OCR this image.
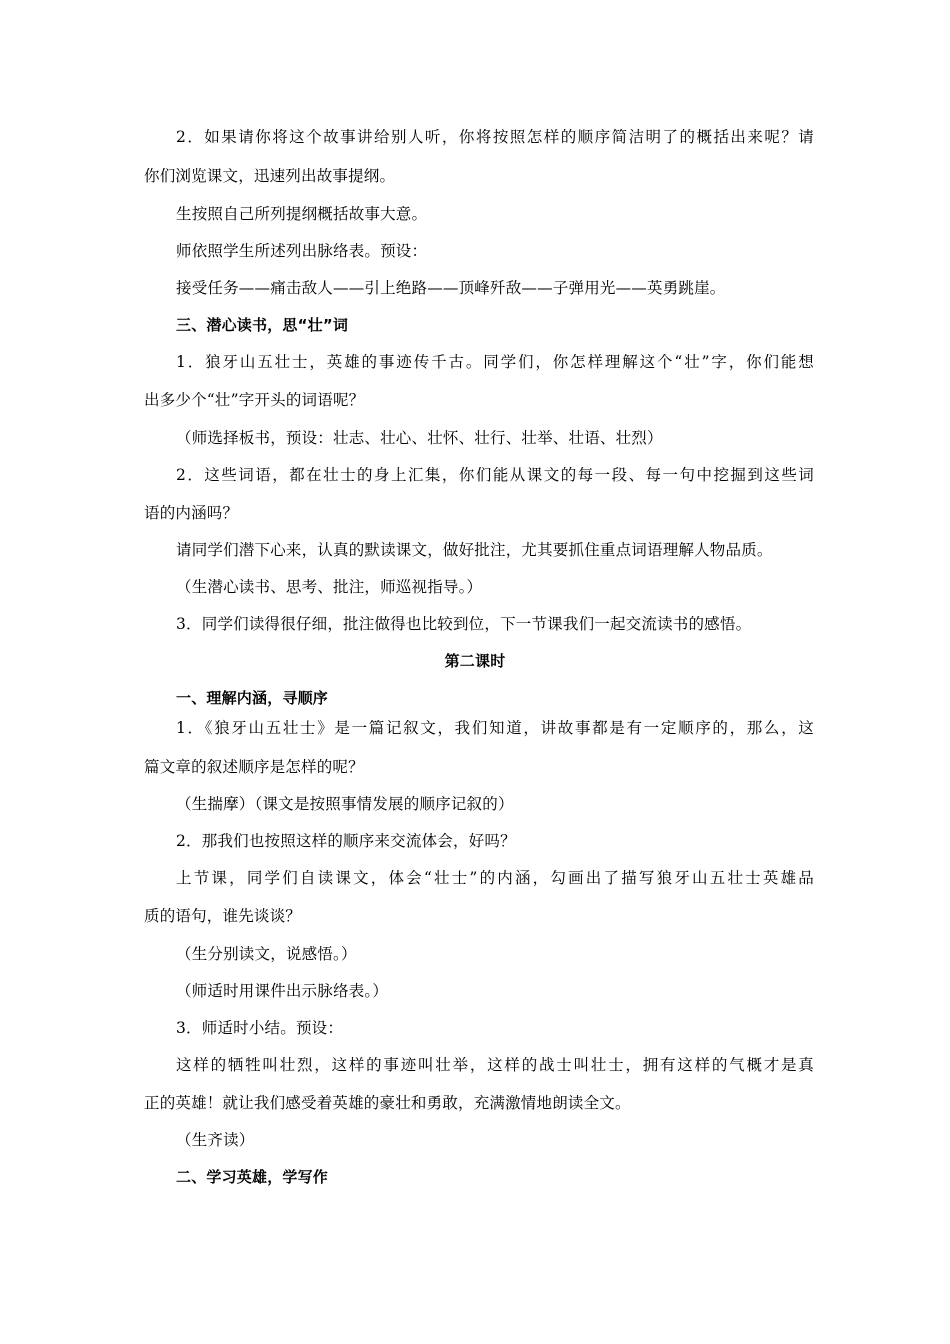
2．如果请你将这个故事讲给别人听，你将按照怎样的顺序简洁明了的概括出来呢？请
你们浏览课文，迅速列出故事提纲。
生按照自己所列提纲概括故事大意。
师依照学生所述列出脉络表。预设：
接受任务——痛击敌人——引上绝路——顶峰歼敌——子弹用光——英勇跳崖。
三、潜心读书，思“壮”词
1．狼牙山五壮士，英雄的事迹传千古。同学们，你怎样理解这个“壮”字，你们能想
出多少个“壮”字开头的词语呢？
（师选择板书，预设：壮志、壮心、壮怀、壮行、壮举、壮语、壮烈）
2．这些词语，都在壮士的身上汇集，你们能从课文的每一段、每一句中挖掘到这些词
语的内涵吗？
请同学们潜下心来，认真的默读课文，做好批注，尤其要抓住重点词语理解人物品质。
（生潜心读书、思考、批注，师巡视指导。）
3．同学们读得很仔细，批注做得也比较到位，下一节课我们一起交流读书的感悟。
第二课时
一、理解内涵，寻顺序
1．《狼牙山五壮士》是一篇记叙文，我们知道，讲故事都是有一定顺序的，那么，这
篇文章的叙述顺序是怎样的呢？
（生揣摩）（课文是按照事情发展的顺序记叙的）
2．那我们也按照这样的顺序来交流体会，好吗？
上节课，同学们自读课文，体会“壮士”的内涵，勾画出了描写狼牙山五壮士英雄品
质的语句，谁先谈谈？
（生分别读文，说感悟。）
（师适时用课件出示脉络表。）
3．师适时小结。预设：
这样的牺牲叫壮烈，这样的事迹叫壮举，这样的战士叫壮士，拥有这样的气概才是真
正的英雄！就让我们感受着英雄的豪壮和勇敢，充满激情地朗读全文。
（生齐读）
二、学习英雄，学写作
